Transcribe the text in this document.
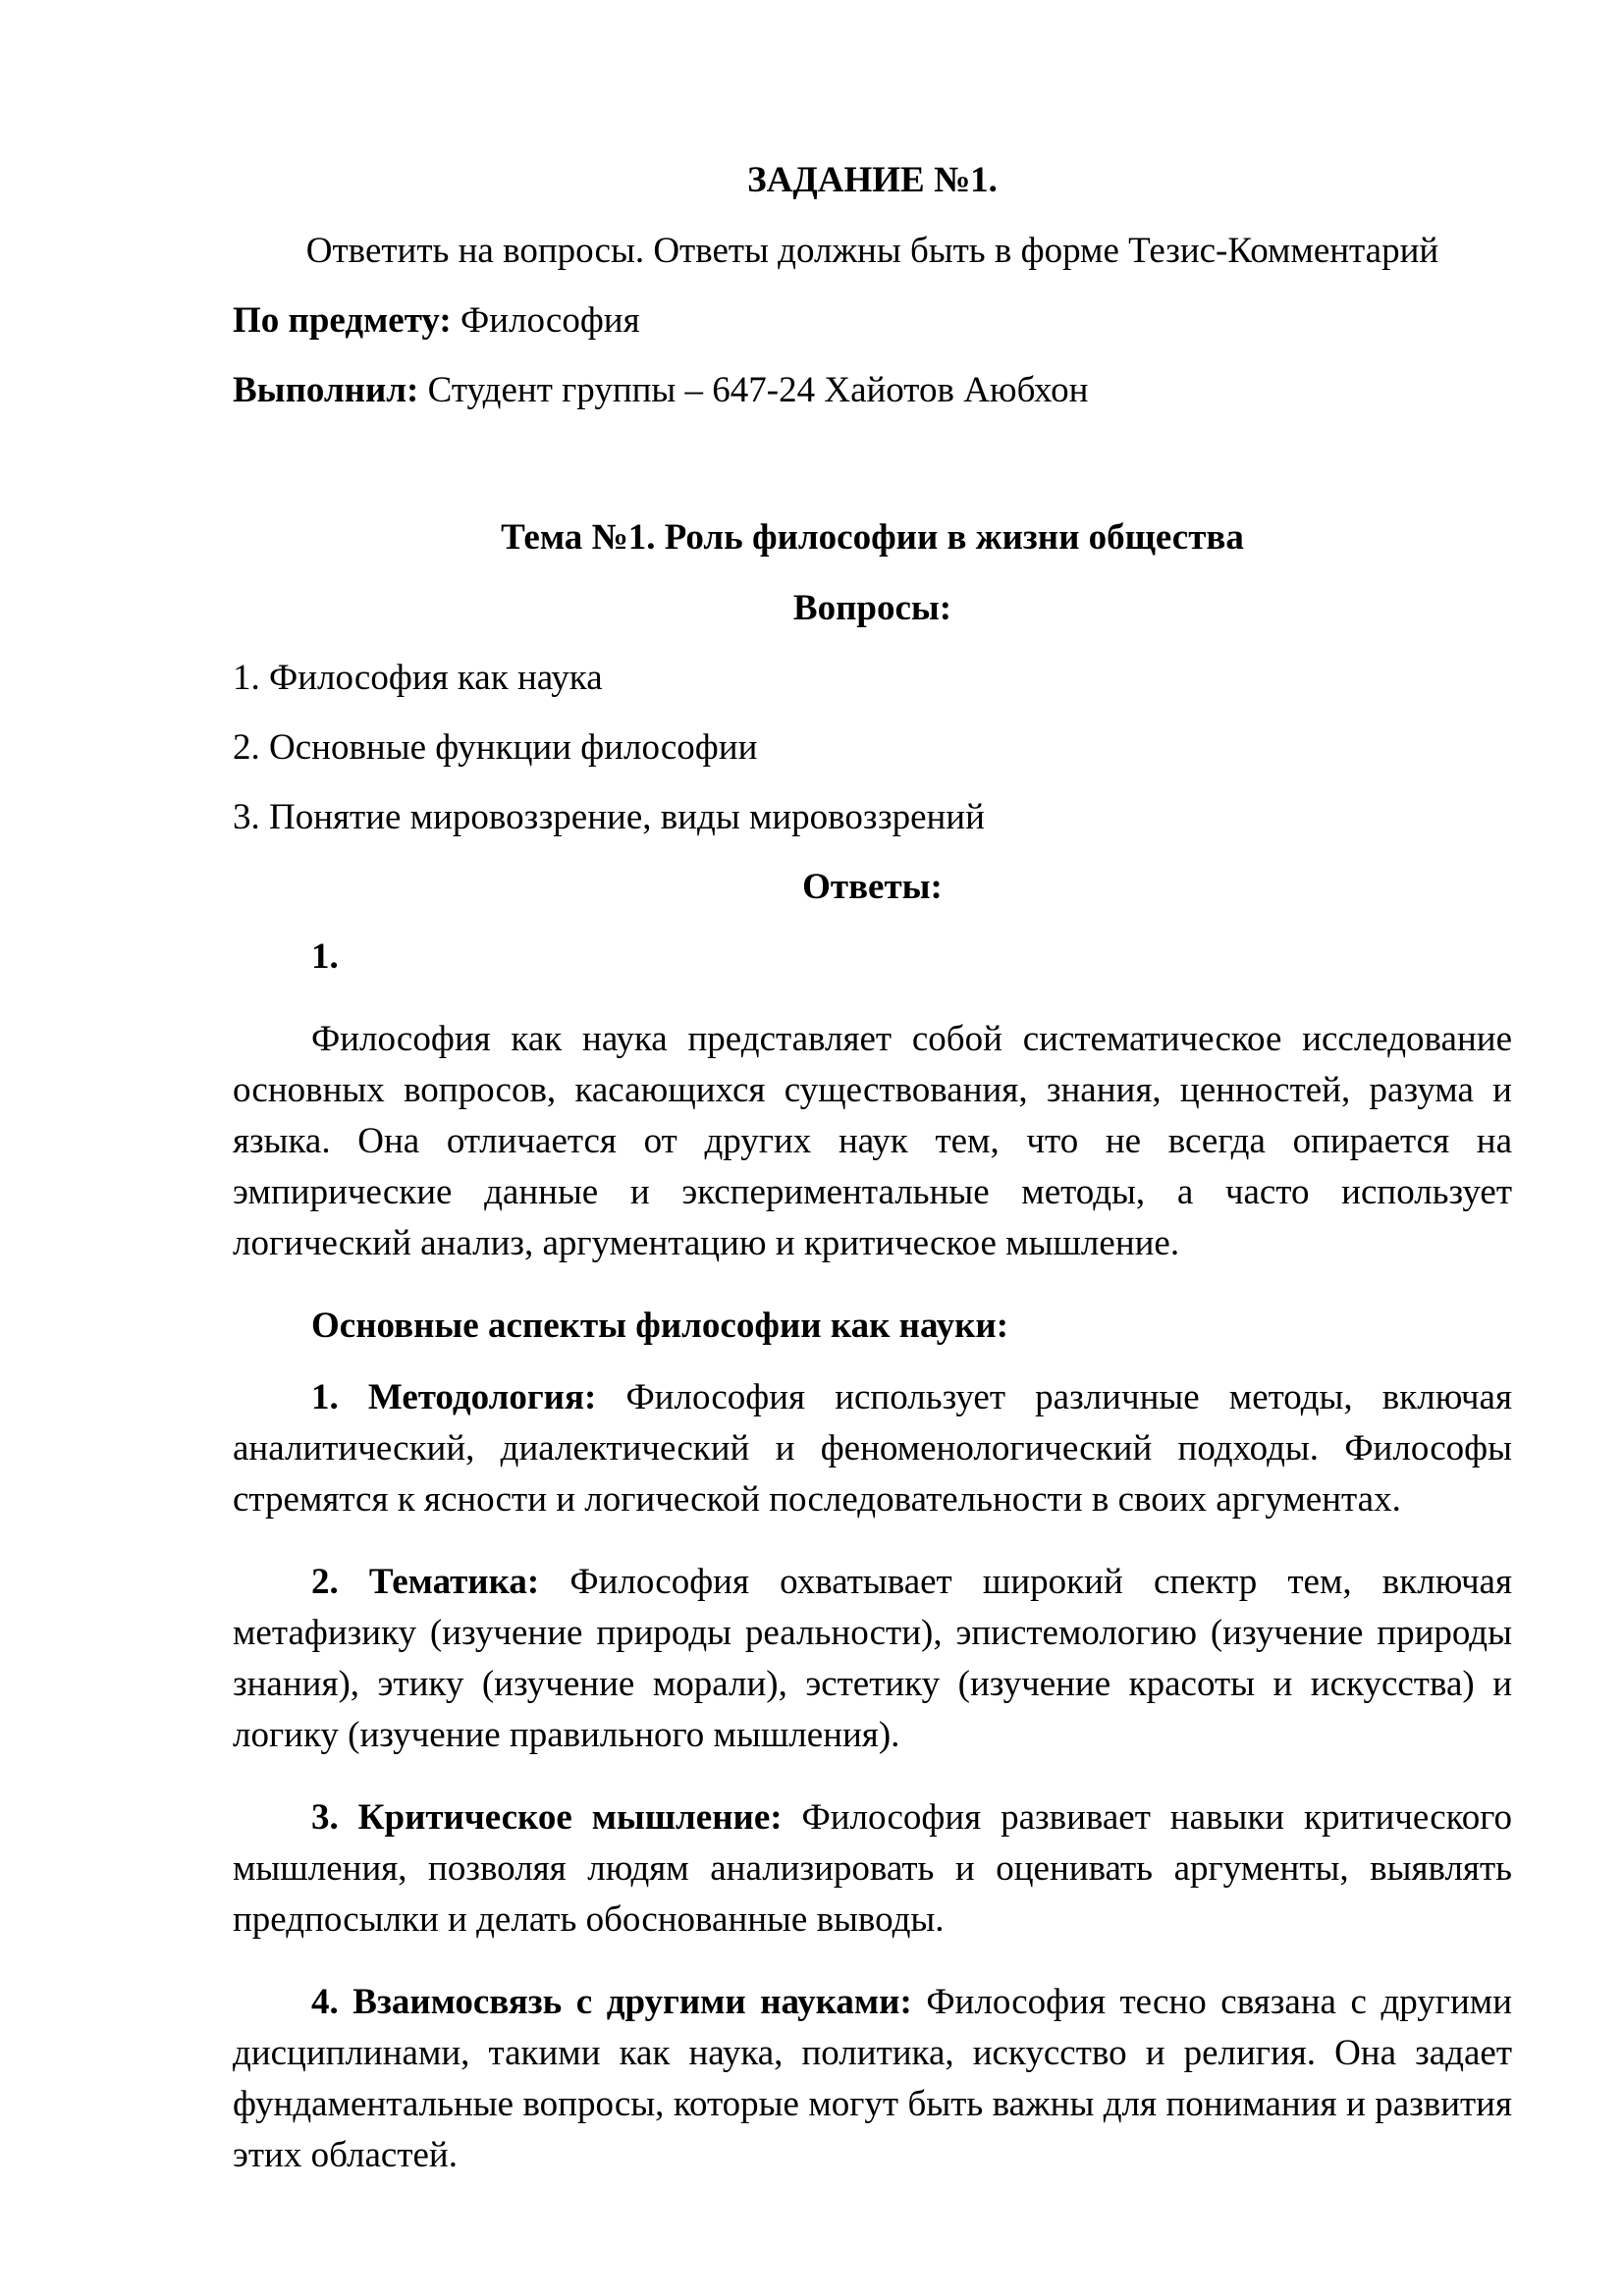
ЗАДАНИЕ №1.

Ответить на вопросы. Ответы должны быть в форме Тезис-Комментарий

По предмету: Философия

Выполнил: Студент группы – 647-24 Хайотов Аюбхон

Тема №1. Роль философии в жизни общества

Вопросы:

1. Философия как наука

2. Основные функции философии

3. Понятие мировоззрение, виды мировоззрений

Ответы:

1.

Философия как наука представляет собой систематическое исследование основных вопросов, касающихся существования, знания, ценностей, разума и языка. Она отличается от других наук тем, что не всегда опирается на эмпирические данные и экспериментальные методы, а часто использует логический анализ, аргументацию и критическое мышление.

Основные аспекты философии как науки:

1. Методология: Философия использует различные методы, включая аналитический, диалектический и феноменологический подходы. Философы стремятся к ясности и логической последовательности в своих аргументах.

2. Тематика: Философия охватывает широкий спектр тем, включая метафизику (изучение природы реальности), эпистемологию (изучение природы знания), этику (изучение морали), эстетику (изучение красоты и искусства) и логику (изучение правильного мышления).

3. Критическое мышление: Философия развивает навыки критического мышления, позволяя людям анализировать и оценивать аргументы, выявлять предпосылки и делать обоснованные выводы.

4. Взаимосвязь с другими науками: Философия тесно связана с другими дисциплинами, такими как наука, политика, искусство и религия. Она задает фундаментальные вопросы, которые могут быть важны для понимания и развития этих областей.
